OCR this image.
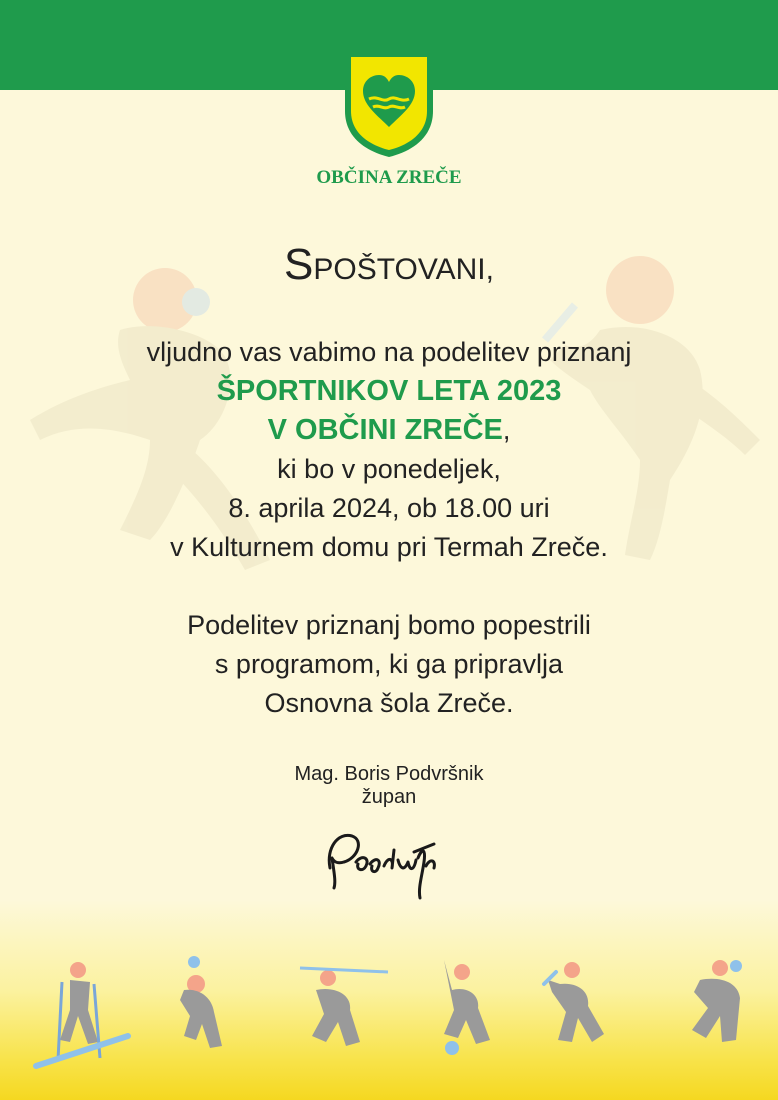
OBČINA ZREČE
SPOŠTOVANI,

vljudno vas vabimo na podelitev priznanj

ŠPORTNIKOV LETA 2023

V OBČINI ZREČE,

ki bo v ponedeljek,

8. aprila 2024, ob 18.00 uri

v Kulturnem domu pri Termah Zreče.

Podelitev priznanj bomo popestrili

s programom, ki ga pripravlja

Osnovna šola Zreče.

Mag. Boris Podvršnik
župan
